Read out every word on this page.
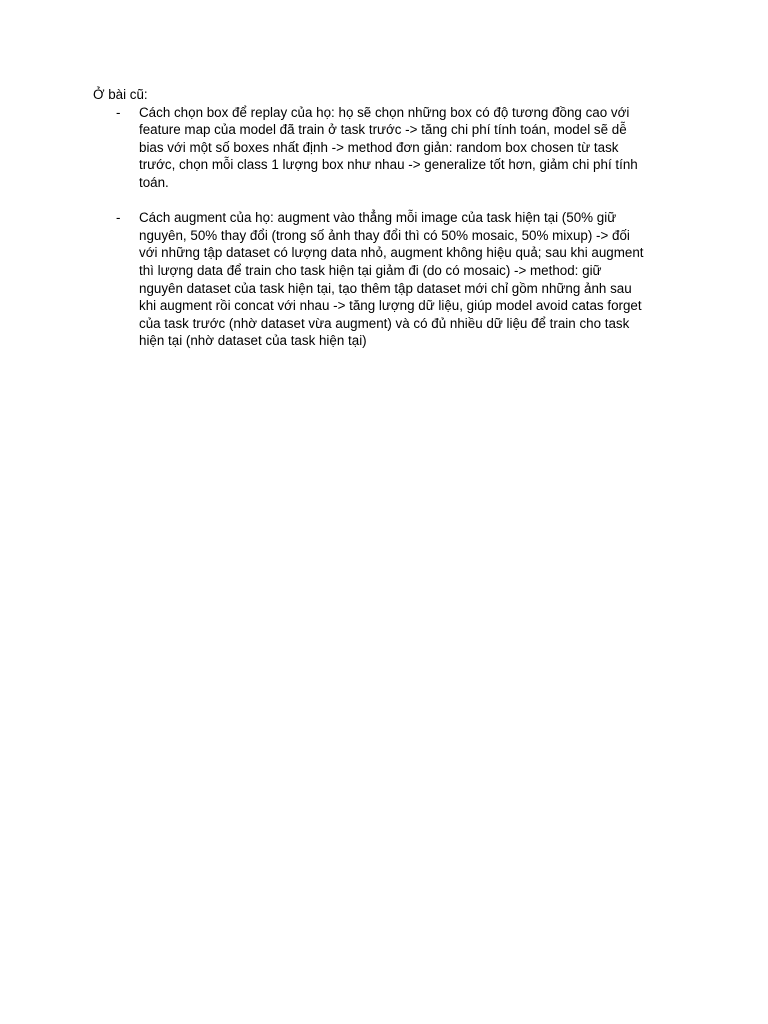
Ở bài cũ:

- Cách chọn box để replay của họ: họ sẽ chọn những box có độ tương đồng cao với
feature map của model đã train ở task trước -> tăng chi phí tính toán, model sẽ dễ
bias với một số boxes nhất định -> method đơn giản: random box chosen từ task
trước, chọn mỗi class 1 lượng box như nhau -> generalize tốt hơn, giảm chi phí tính
toán.
- Cách augment của họ: augment vào thẳng mỗi image của task hiện tại (50% giữ
nguyên, 50% thay đổi (trong số ảnh thay đổi thì có 50% mosaic, 50% mixup) -> đối
với những tập dataset có lượng data nhỏ, augment không hiệu quả; sau khi augment
thì lượng data để train cho task hiện tại giảm đi (do có mosaic) -> method: giữ
nguyên dataset của task hiện tại, tạo thêm tập dataset mới chỉ gồm những ảnh sau
khi augment rồi concat với nhau -> tăng lượng dữ liệu, giúp model avoid catas forget
của task trước (nhờ dataset vừa augment) và có đủ nhiều dữ liệu để train cho task
hiện tại (nhờ dataset của task hiện tại)
